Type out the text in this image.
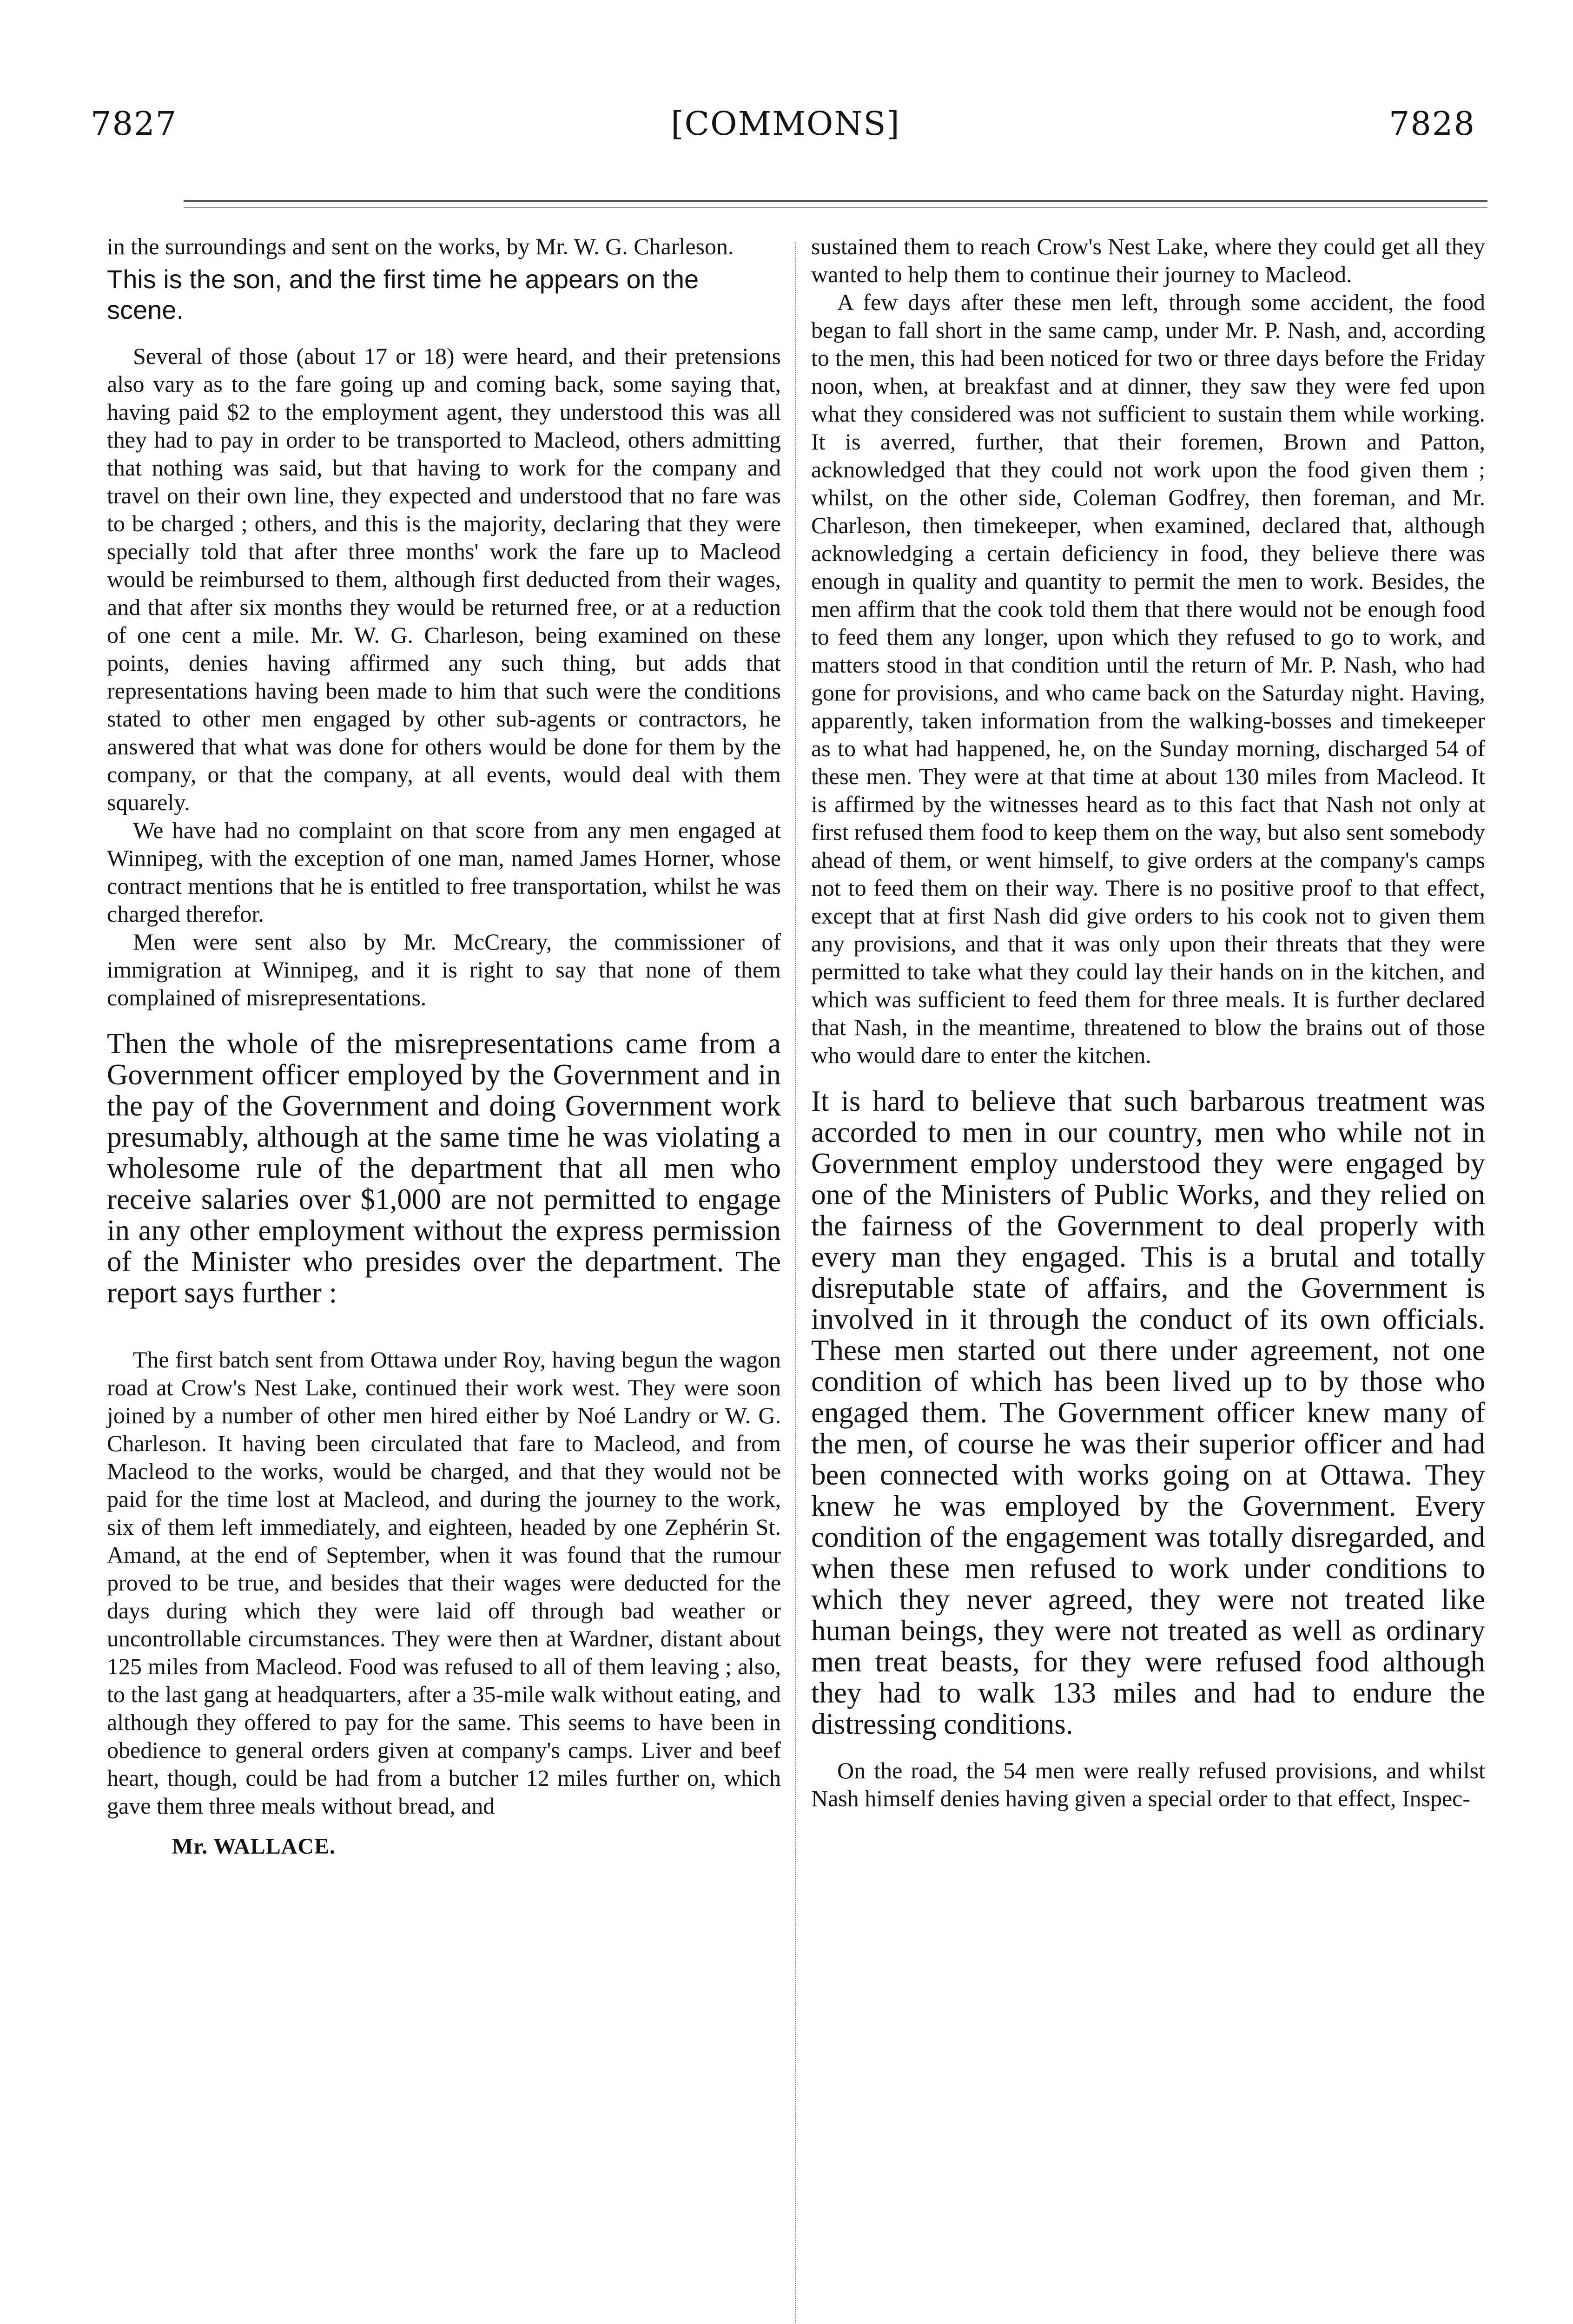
7827	[COMMONS]	7828

in the surroundings and sent on the works, by Mr. W. G. Charleson.

This is the son, and the first time he appears on the scene.

Several of those (about 17 or 18) were heard, and their pretensions also vary as to the fare going up and coming back, some saying that, having paid $2 to the employment agent, they understood this was all they had to pay in order to be transported to Macleod, others admitting that nothing was said, but that having to work for the company and travel on their own line, they expected and understood that no fare was to be charged ; others, and this is the majority, declaring that they were specially told that after three months' work the fare up to Macleod would be reimbursed to them, although first deducted from their wages, and that after six months they would be returned free, or at a reduction of one cent a mile. Mr. W. G. Charleson, being examined on these points, denies having affirmed any such thing, but adds that representations having been made to him that such were the conditions stated to other men engaged by other sub-agents or contractors, he answered that what was done for others would be done for them by the company, or that the company, at all events, would deal with them squarely.

We have had no complaint on that score from any men engaged at Winnipeg, with the exception of one man, named James Horner, whose contract mentions that he is entitled to free transportation, whilst he was charged therefor.

Men were sent also by Mr. McCreary, the commissioner of immigration at Winnipeg, and it is right to say that none of them complained of misrepresentations.

Then the whole of the misrepresentations came from a Government officer employed by the Government and in the pay of the Government and doing Government work presumably, although at the same time he was violating a wholesome rule of the department that all men who receive salaries over $1,000 are not permitted to engage in any other employment without the express permission of the Minister who presides over the department. The report says further :

The first batch sent from Ottawa under Roy, having begun the wagon road at Crow's Nest Lake, continued their work west. They were soon joined by a number of other men hired either by Noé Landry or W. G. Charleson. It having been circulated that fare to Macleod, and from Macleod to the works, would be charged, and that they would not be paid for the time lost at Macleod, and during the journey to the work, six of them left immediately, and eighteen, headed by one Zephérin St. Amand, at the end of September, when it was found that the rumour proved to be true, and besides that their wages were deducted for the days during which they were laid off through bad weather or uncontrollable circumstances. They were then at Wardner, distant about 125 miles from Macleod. Food was refused to all of them leaving ; also, to the last gang at headquarters, after a 35-mile walk without eating, and although they offered to pay for the same. This seems to have been in obedience to general orders given at company's camps. Liver and beef heart, though, could be had from a butcher 12 miles further on, which gave them three meals without bread, and

Mr. WALLACE.

sustained them to reach Crow's Nest Lake, where they could get all they wanted to help them to continue their journey to Macleod.

A few days after these men left, through some accident, the food began to fall short in the same camp, under Mr. P. Nash, and, according to the men, this had been noticed for two or three days before the Friday noon, when, at breakfast and at dinner, they saw they were fed upon what they considered was not sufficient to sustain them while working. It is averred, further, that their foremen, Brown and Patton, acknowledged that they could not work upon the food given them ; whilst, on the other side, Coleman Godfrey, then foreman, and Mr. Charleson, then timekeeper, when examined, declared that, although acknowledging a certain deficiency in food, they believe there was enough in quality and quantity to permit the men to work. Besides, the men affirm that the cook told them that there would not be enough food to feed them any longer, upon which they refused to go to work, and matters stood in that condition until the return of Mr. P. Nash, who had gone for provisions, and who came back on the Saturday night. Having, apparently, taken information from the walking-bosses and timekeeper as to what had happened, he, on the Sunday morning, discharged 54 of these men. They were at that time at about 130 miles from Macleod. It is affirmed by the witnesses heard as to this fact that Nash not only at first refused them food to keep them on the way, but also sent somebody ahead of them, or went himself, to give orders at the company's camps not to feed them on their way. There is no positive proof to that effect, except that at first Nash did give orders to his cook not to given them any provisions, and that it was only upon their threats that they were permitted to take what they could lay their hands on in the kitchen, and which was sufficient to feed them for three meals. It is further declared that Nash, in the meantime, threatened to blow the brains out of those who would dare to enter the kitchen.

It is hard to believe that such barbarous treatment was accorded to men in our country, men who while not in Government employ understood they were engaged by one of the Ministers of Public Works, and they relied on the fairness of the Government to deal properly with every man they engaged. This is a brutal and totally disreputable state of affairs, and the Government is involved in it through the conduct of its own officials. These men started out there under agreement, not one condition of which has been lived up to by those who engaged them. The Government officer knew many of the men, of course he was their superior officer and had been connected with works going on at Ottawa. They knew he was employed by the Government. Every condition of the engagement was totally disregarded, and when these men refused to work under conditions to which they never agreed, they were not treated like human beings, they were not treated as well as ordinary men treat beasts, for they were refused food although they had to walk 133 miles and had to endure the distressing conditions.

On the road, the 54 men were really refused provisions, and whilst Nash himself denies having given a special order to that effect, Inspec-
